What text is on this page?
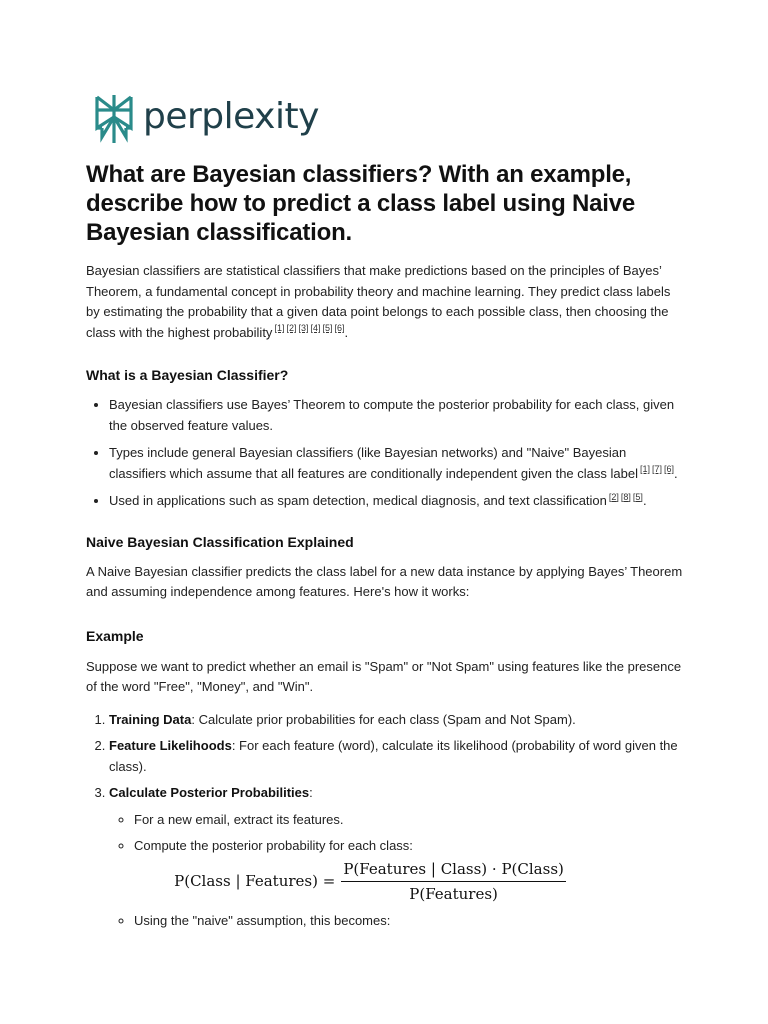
perplexity
What are Bayesian classifiers? With an example, describe how to predict a class label using Naive Bayesian classification.

Bayesian classifiers are statistical classifiers that make predictions based on the principles of Bayes’ Theorem, a fundamental concept in probability theory and machine learning. They predict class labels by estimating the probability that a given data point belongs to each possible class, then choosing the class with the highest probability [1] [2] [3] [4] [5] [6].

What is a Bayesian Classifier?
• Bayesian classifiers use Bayes’ Theorem to compute the posterior probability for each class, given the observed feature values.
• Types include general Bayesian classifiers (like Bayesian networks) and "Naive" Bayesian classifiers which assume that all features are conditionally independent given the class label [1] [7] [6].
• Used in applications such as spam detection, medical diagnosis, and text classification [2] [8] [5].
Naive Bayesian Classification Explained

A Naive Bayesian classifier predicts the class label for a new data instance by applying Bayes’ Theorem and assuming independence among features. Here's how it works:

Example

Suppose we want to predict whether an email is "Spam" or "Not Spam" using features like the presence of the word "Free", "Money", and "Win".

1. Training Data: Calculate prior probabilities for each class (Spam and Not Spam).
2. Feature Likelihoods: For each feature (word), calculate its likelihood (probability of word given the class).
3. Calculate Posterior Probabilities:
◦ For a new email, extract its features.
◦ Compute the posterior probability for each class:
P(Class | Features) = $\frac{\text{P(Features | Class) · P(Class)}}{\text{P(Features)}}$
◦ Using the "naive" assumption, this becomes:
